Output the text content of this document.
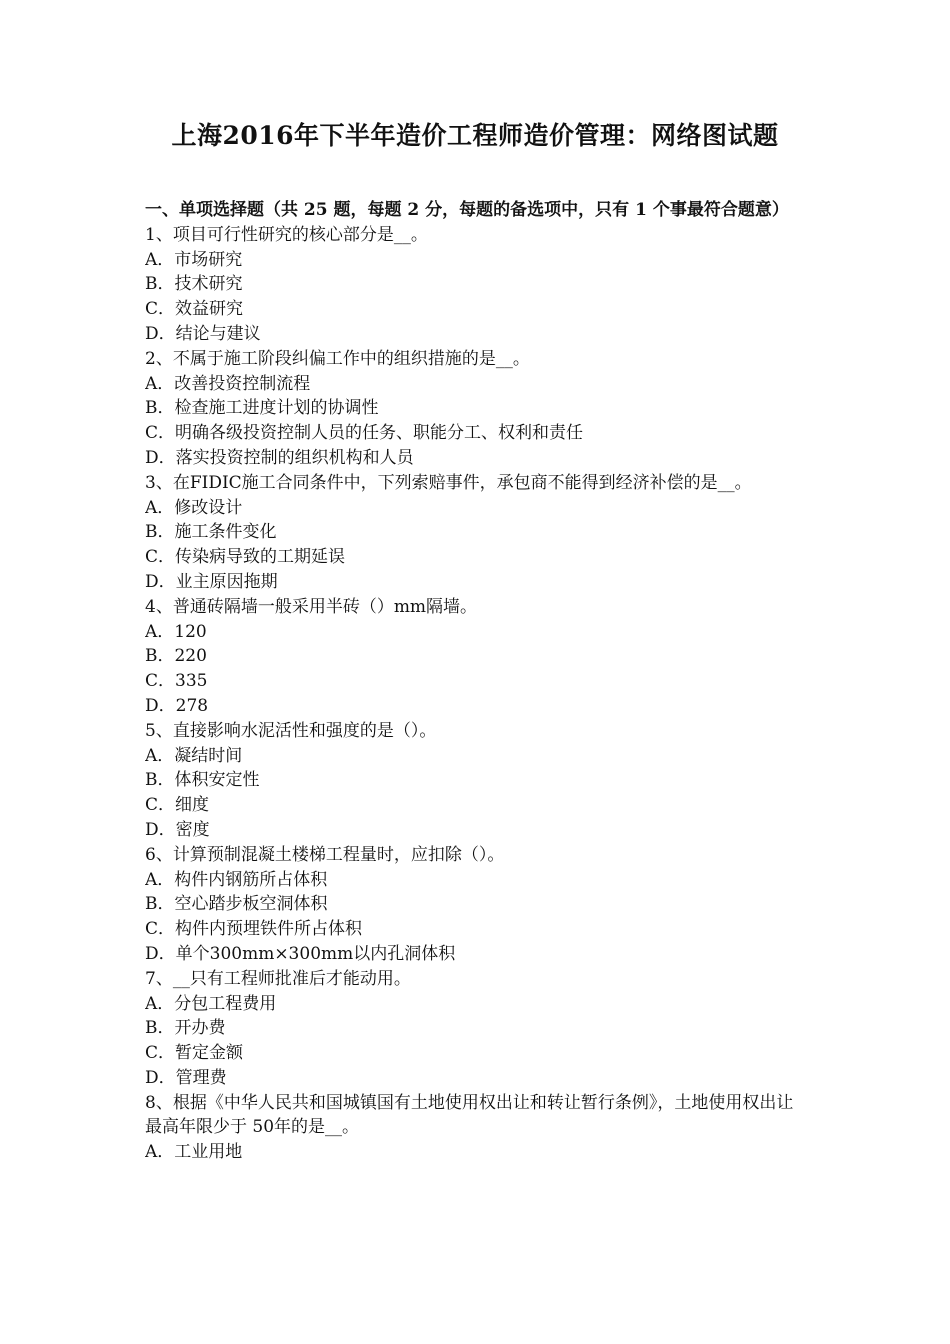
上海2016年下半年造价工程师造价管理：网络图试题
一、单项选择题（共 25 题，每题 2 分，每题的备选项中，只有 1 个事最符合题意）
1、项目可行性研究的核心部分是__。
A．市场研究
B．技术研究
C．效益研究
D．结论与建议
2、不属于施工阶段纠偏工作中的组织措施的是__。
A．改善投资控制流程
B．检查施工进度计划的协调性
C．明确各级投资控制人员的任务、职能分工、权利和责任
D．落实投资控制的组织机构和人员
3、在FIDIC施工合同条件中，下列索赔事件，承包商不能得到经济补偿的是__。
A．修改设计
B．施工条件变化
C．传染病导致的工期延误
D．业主原因拖期
4、普通砖隔墙一般采用半砖（）mm隔墙。
A．120
B．220
C．335
D．278
5、直接影响水泥活性和强度的是（）。
A．凝结时间
B．体积安定性
C．细度
D．密度
6、计算预制混凝土楼梯工程量时，应扣除（）。
A．构件内钢筋所占体积
B．空心踏步板空洞体积
C．构件内预埋铁件所占体积
D．单个300mm×300mm以内孔洞体积
7、__只有工程师批准后才能动用。
A．分包工程费用
B．开办费
C．暂定金额
D．管理费
8、根据《中华人民共和国城镇国有土地使用权出让和转让暂行条例》，土地使用权出让最高年限少于 50年的是__。
A．工业用地
